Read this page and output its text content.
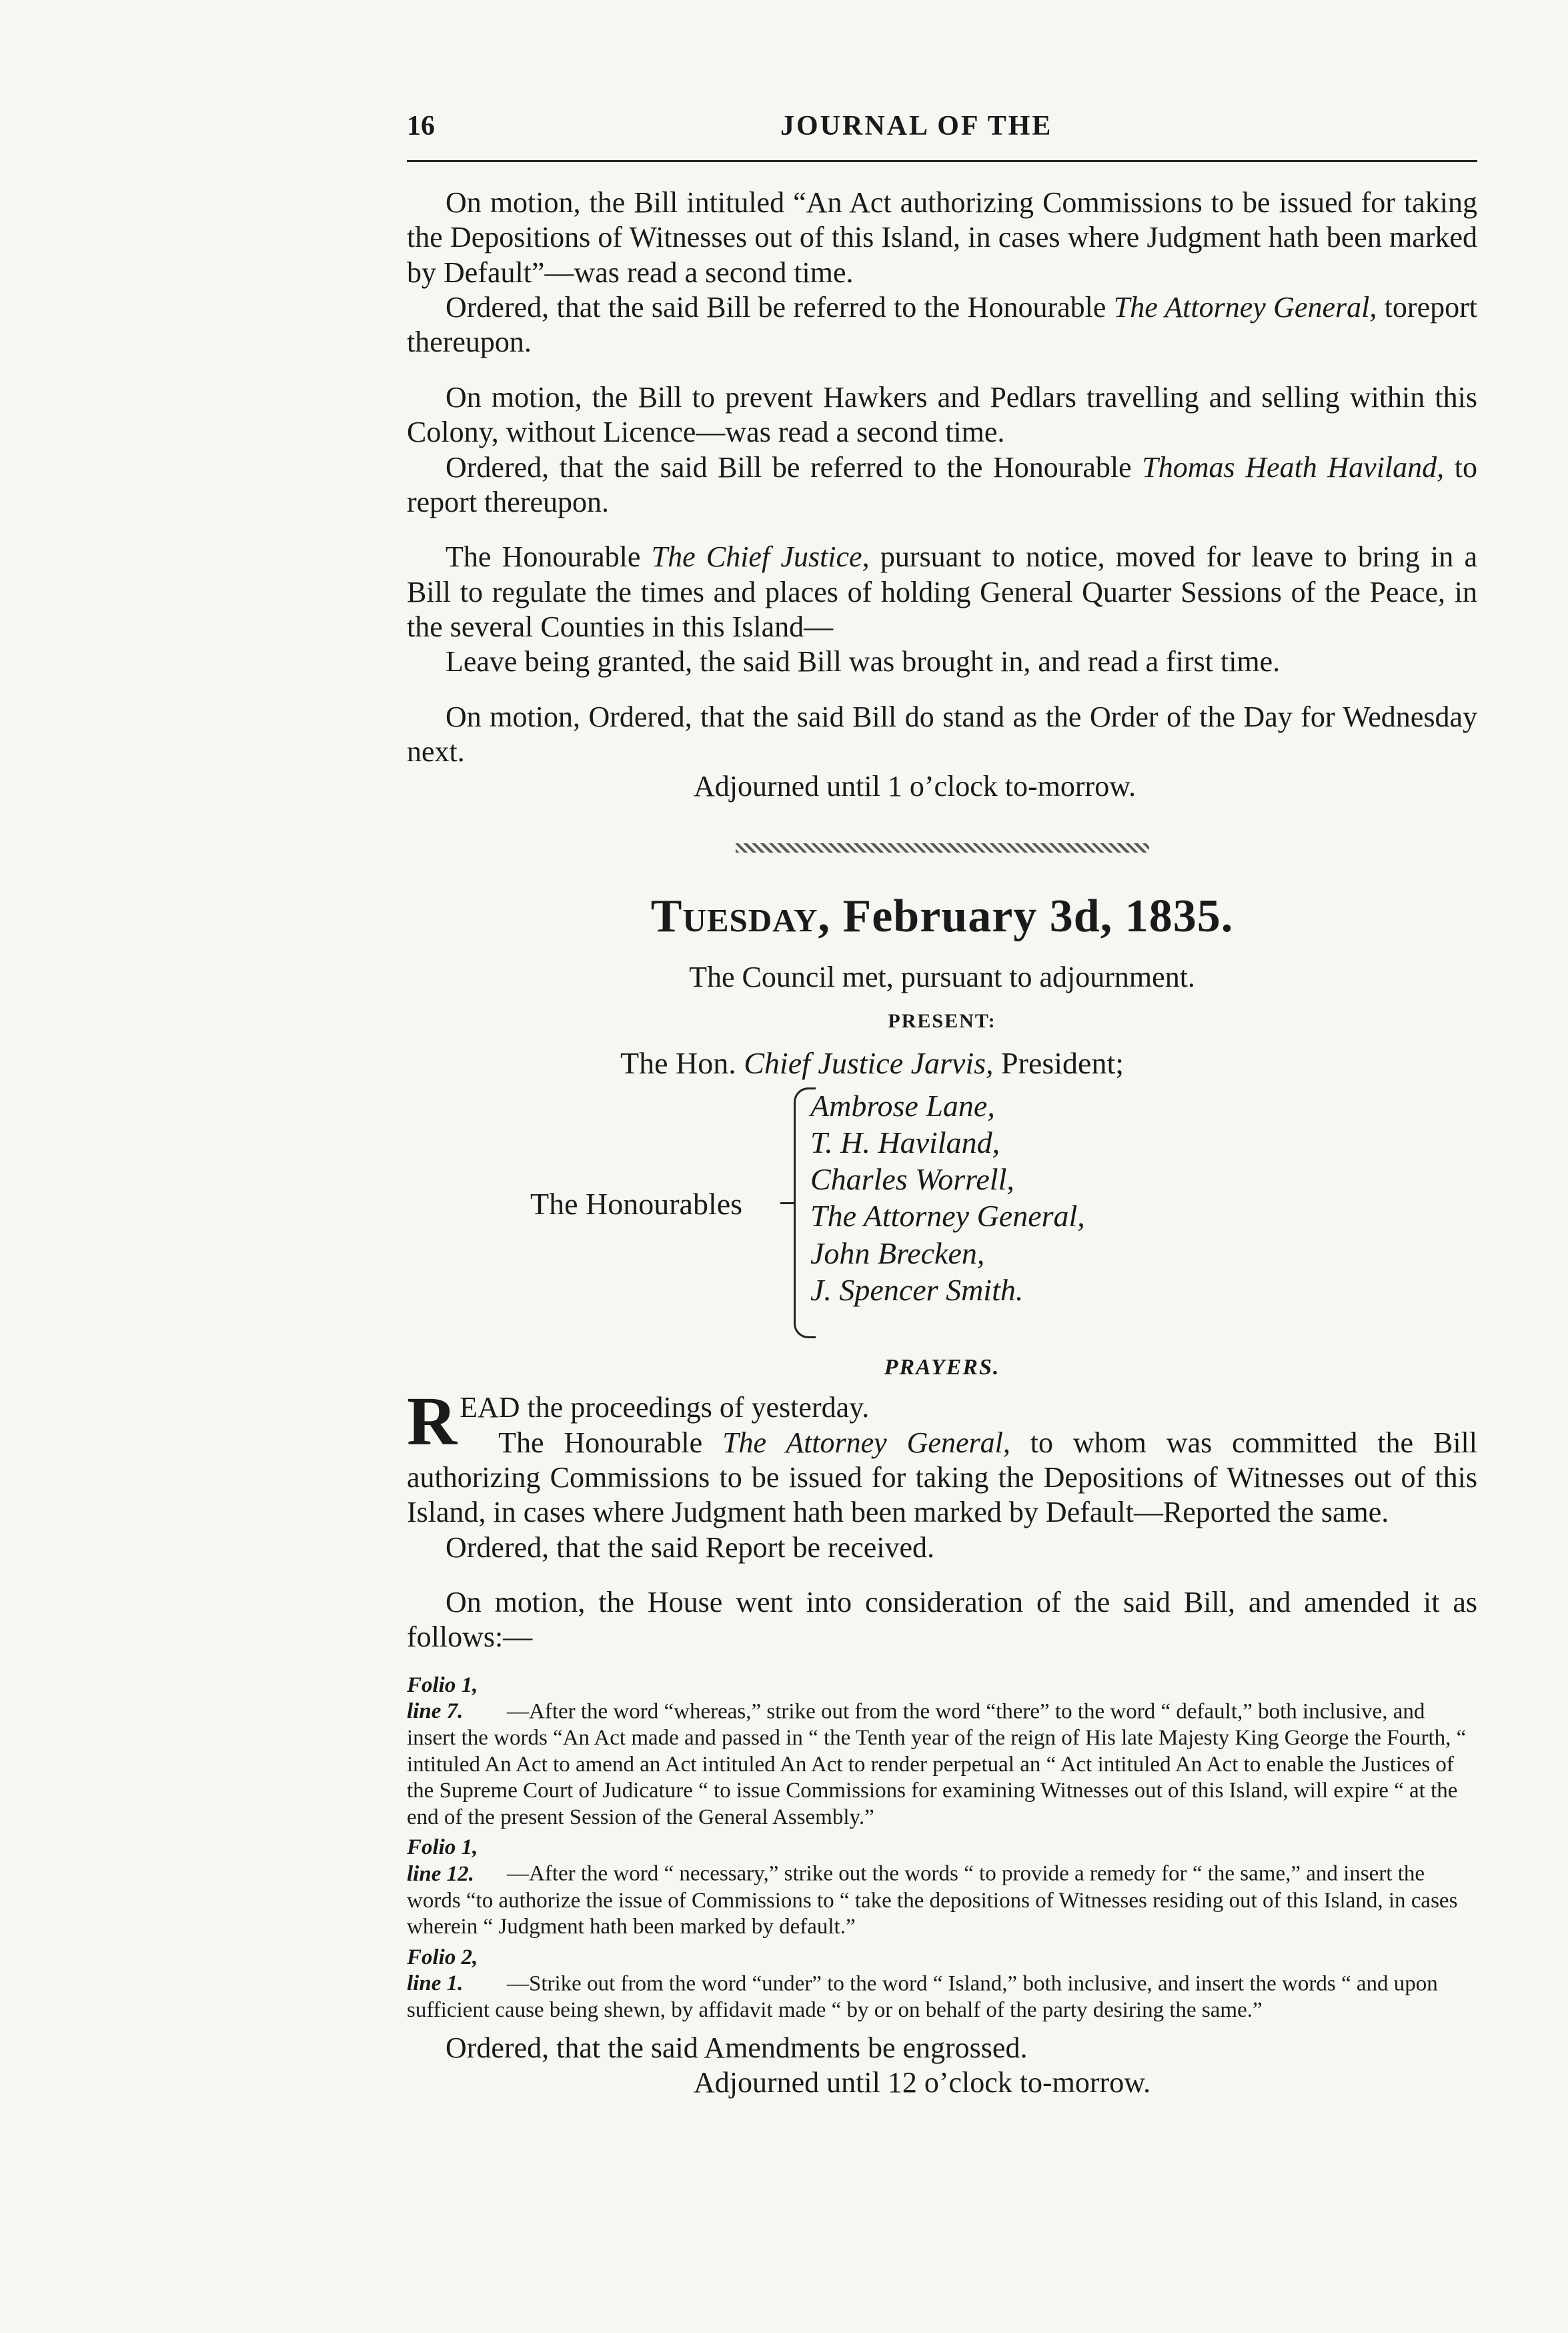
16	JOURNAL OF THE

On motion, the Bill intituled “An Act authorizing Commissions to be issued for taking the Depositions of Witnesses out of this Island, in cases where Judgment hath been marked by Default”—was read a second time.

Ordered, that the said Bill be referred to the Honourable The Attorney General, toreport thereupon.

On motion, the Bill to prevent Hawkers and Pedlars travelling and selling within this Colony, without Licence—was read a second time.

Ordered, that the said Bill be referred to the Honourable Thomas Heath Haviland, to report thereupon.

The Honourable The Chief Justice, pursuant to notice, moved for leave to bring in a Bill to regulate the times and places of holding General Quarter Sessions of the Peace, in the several Counties in this Island—

Leave being granted, the said Bill was brought in, and read a first time.

On motion, Ordered, that the said Bill do stand as the Order of the Day for Wednesday next.

Adjourned until 1 o’clock to-morrow.

Tuesday, February 3d, 1835.

The Council met, pursuant to adjournment.

PRESENT:
The Hon. Chief Justice Jarvis, President;
The Honourables
Ambrose Lane,
T. H. Haviland,
Charles Worrell,
The Attorney General,
John Brecken,
J. Spencer Smith.
PRAYERS.

READ the proceedings of yesterday.
The Honourable The Attorney General, to whom was committed the Bill authorizing Commissions to be issued for taking the Depositions of Witnesses out of this Island, in cases where Judgment hath been marked by Default—Reported the same.

Ordered, that the said Report be received.

On motion, the House went into consideration of the said Bill, and amended it as follows:—

Folio 1, line 7. —After the word “whereas,” strike out from the word “there” to the word “ default,” both inclusive, and insert the words “An Act made and passed in “ the Tenth year of the reign of His late Majesty King George the Fourth, “ intituled An Act to amend an Act intituled An Act to render perpetual an “ Act intituled An Act to enable the Justices of the Supreme Court of Judicature “ to issue Commissions for examining Witnesses out of this Island, will expire “ at the end of the present Session of the General Assembly.”
Folio 1, line 12. —After the word “ necessary,” strike out the words “ to provide a remedy for “ the same,” and insert the words “to authorize the issue of Commissions to “ take the depositions of Witnesses residing out of this Island, in cases wherein “ Judgment hath been marked by default.”
Folio 2, line 1. —Strike out from the word “under” to the word “ Island,” both inclusive, and insert the words “ and upon sufficient cause being shewn, by affidavit made “ by or on behalf of the party desiring the same.”

Ordered, that the said Amendments be engrossed.

Adjourned until 12 o’clock to-morrow.
